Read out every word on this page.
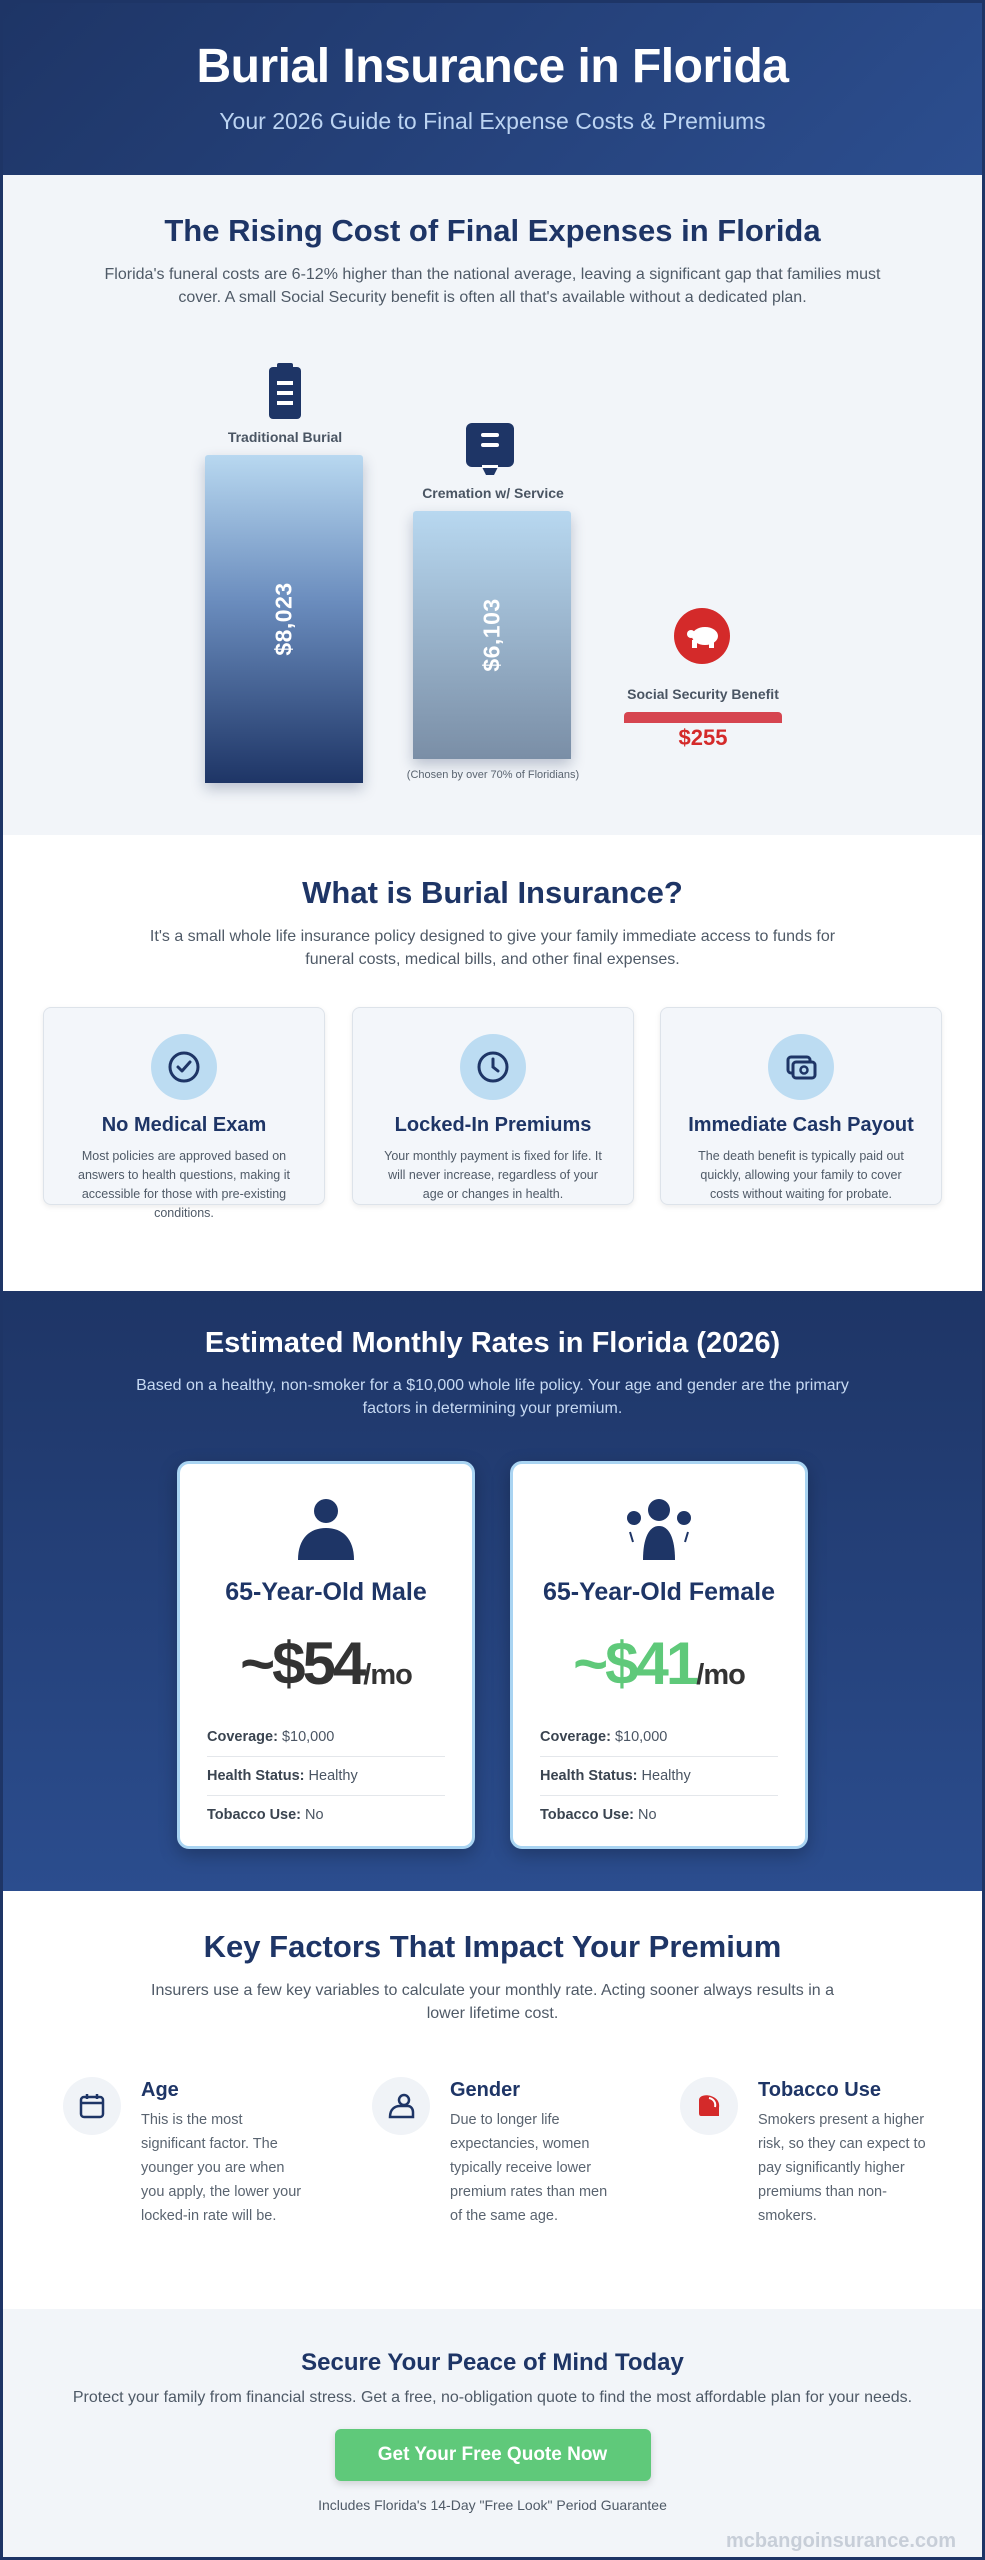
Burial Insurance in Florida

Your 2026 Guide to Final Expense Costs & Premiums

The Rising Cost of Final Expenses in Florida

Florida's funeral costs are 6-12% higher than the national average, leaving a significant gap that families must cover. A small Social Security benefit is often all that's available without a dedicated plan.

Traditional Burial
$8,023
Cremation w/ Service
$6,103
(Chosen by over 70% of Floridians)
Social Security Benefit
$255
What is Burial Insurance?

It's a small whole life insurance policy designed to give your family immediate access to funds for funeral costs, medical bills, and other final expenses.

No Medical Exam

Most policies are approved based on answers to health questions, making it accessible for those with pre-existing conditions.

Locked-In Premiums

Your monthly payment is fixed for life. It will never increase, regardless of your age or changes in health.

Immediate Cash Payout

The death benefit is typically paid out quickly, allowing your family to cover costs without waiting for probate.

Estimated Monthly Rates in Florida (2026)

Based on a healthy, non-smoker for a $10,000 whole life policy. Your age and gender are the primary factors in determining your premium.

65-Year-Old Male
~$54/mo
Coverage: $10,000
Health Status: Healthy
Tobacco Use: No
65-Year-Old Female
~$41/mo
Coverage: $10,000
Health Status: Healthy
Tobacco Use: No
Key Factors That Impact Your Premium

Insurers use a few key variables to calculate your monthly rate. Acting sooner always results in a lower lifetime cost.

Age

This is the most significant factor. The younger you are when you apply, the lower your locked-in rate will be.

Gender

Due to longer life expectancies, women typically receive lower premium rates than men of the same age.

Tobacco Use

Smokers present a higher risk, so they can expect to pay significantly higher premiums than non-smokers.

Secure Your Peace of Mind Today

Protect your family from financial stress. Get a free, no-obligation quote to find the most affordable plan for your needs.

Get Your Free Quote Now

Includes Florida's 14-Day "Free Look" Period Guarantee

mcbangoinsurance.com
